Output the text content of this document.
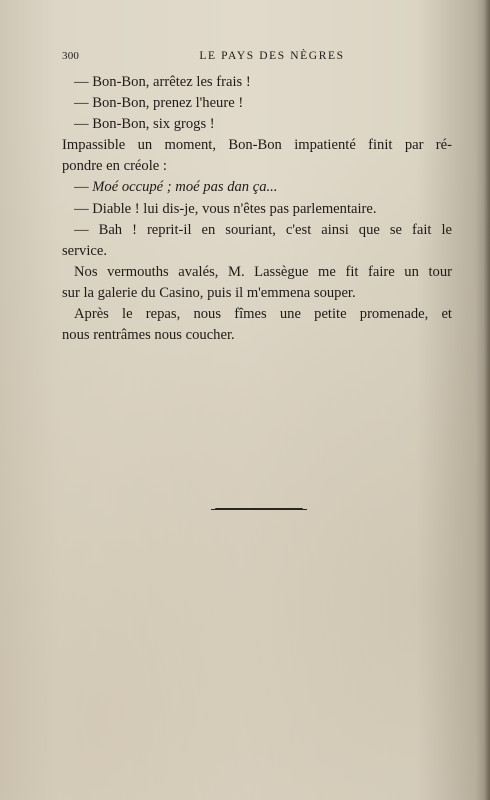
300	LE PAYS DES NÈGRES
— Bon-Bon, arrêtez les frais !
— Bon-Bon, prenez l'heure !
— Bon-Bon, six grogs !
Impassible un moment, Bon-Bon impatienté finit par ré-
pondre en créole :
— Moé occupé ; moé pas dan ça...
— Diable ! lui dis-je, vous n'êtes pas parlementaire.
— Bah ! reprit-il en souriant, c'est ainsi que se fait le
service.
Nos vermouths avalés, M. Lassègue me fit faire un tour
sur la galerie du Casino, puis il m'emmena souper.
Après le repas, nous fîmes une petite promenade, et
nous rentrâmes nous coucher.
